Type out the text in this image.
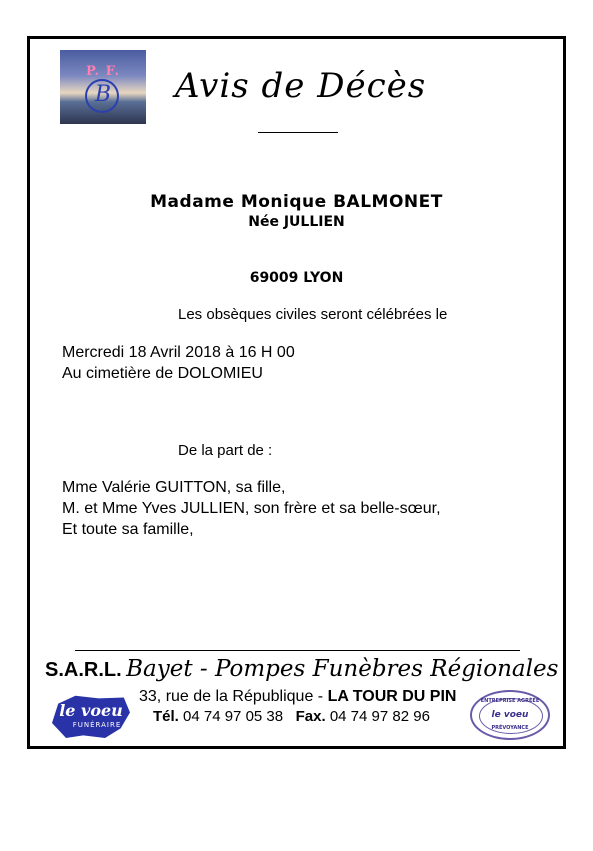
P. F.
B	Avis de Décès
Madame Monique BALMONET
Née JULLIEN
69009 LYON
Les obsèques civiles seront célébrées le
Mercredi 18 Avril 2018 à 16 H 00
Au cimetière de DOLOMIEU
De la part de :
Mme Valérie GUITTON, sa fille,
M. et Mme Yves JULLIEN, son frère et sa belle-sœur,
Et toute sa famille,
S.A.R.L. Bayet - Pompes Funèbres Régionales
33, rue de la République - LA TOUR DU PIN
Tél. 04 74 97 05 38 Fax. 04 74 97 82 96
le voeu
FUNÉRAIRE
ENTREPRISE AGRÉÉE
le voeu
PRÉVOYANCE
